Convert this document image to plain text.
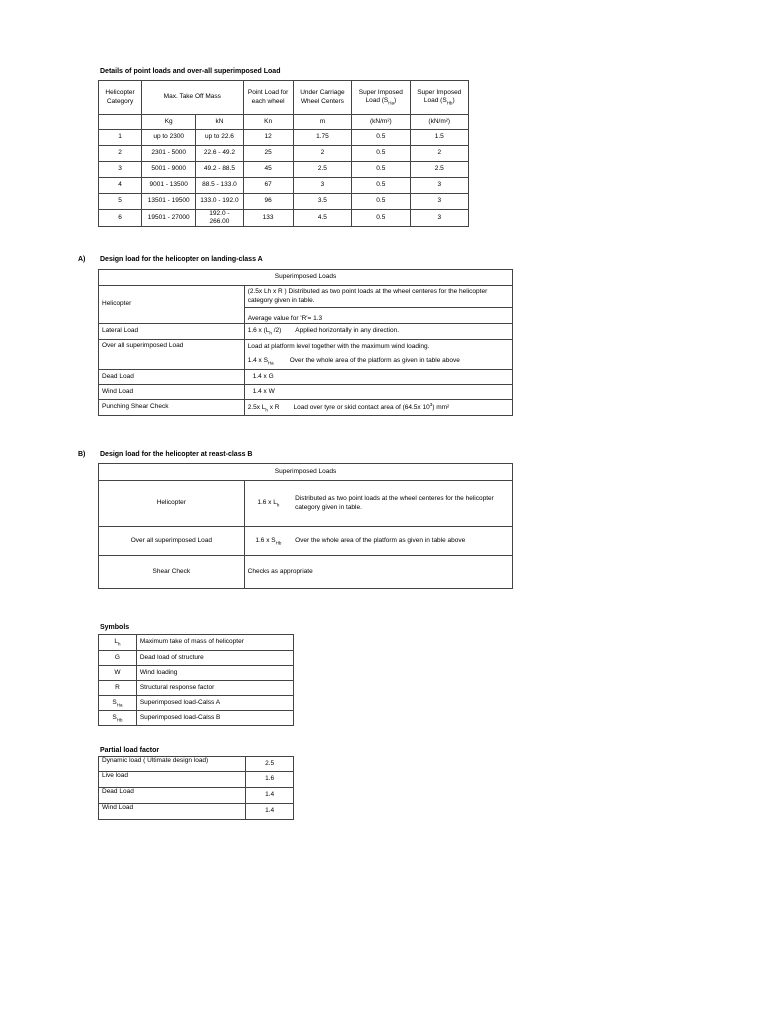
Details of point loads and over-all superimposed Load
Helicopter Category	Max. Take Off Mass		Point Load for each wheel	Under Carriage Wheel Centers	Super Imposed Load $(S_{Ha})$	Super Imposed Load $(S_{Hb})$
	Kg	kN	Kn	m	(kN/m²)	(kN/m²)
1	up to 2300	up to 22.6	12	1.75	0.5	1.5
2	2301 - 5000	22.6 - 49.2	25	2	0.5	2
3	5001 - 9000	49.2 - 88.5	45	2.5	0.5	2.5
4	9001 - 13500	88.5 - 133.0	67	3	0.5	3
5	13501 - 19500	133.0 - 192.0	96	3.5	0.5	3
6	19501 - 27000	192.0 - 266.00	133	4.5	0.5	3
A) Design load for the helicopter on landing-class A
Superimposed Loads	
Helicopter	(2.5x Lh x R ) Distributed as two point loads at the wheel centeres for the helicopter category given in table.
	Average value for 'R'= 1.3
Lateral Load	1.6 x ($L_h$ /2) Applied horizontally in any direction.
Over all superimposed Load	Load at platform level together with the maximum wind loading.
1.4 x $S_{Ha}$ Over the whole area of the platform as given in table above

Dead Load	1.4 x G
Wind Load	1.4 x W
Punching Shear Check	2.5x $L_h$ x R Load over tyre or skid contact area of (64.5x $10^3$) mm²
B) Design load for the helicopter at reast-class B
Superimposed Loads		
Helicopter	1.6 x $L_h$	Distributed as two point loads at the wheel centeres for the helicopter category given in table.
Over all superimposed Load	1.6 x $S_{Hb}$	Over the whole area of the platform as given in table above
Shear Check	Checks as appropriate	
Symbols
$L_h$	Maximum take of mass of helicopter
G	Dead load of structure
W	Wind loading
R	Structural response factor
$S_{Ha}$	Superimposed load-Calss A
$S_{Hb}$	Superimposed load-Calss B
Partial load factor
Dynamic load ( Ultimate design load)	2.5
Live load	1.6
Dead Load	1.4
Wind Load	1.4
